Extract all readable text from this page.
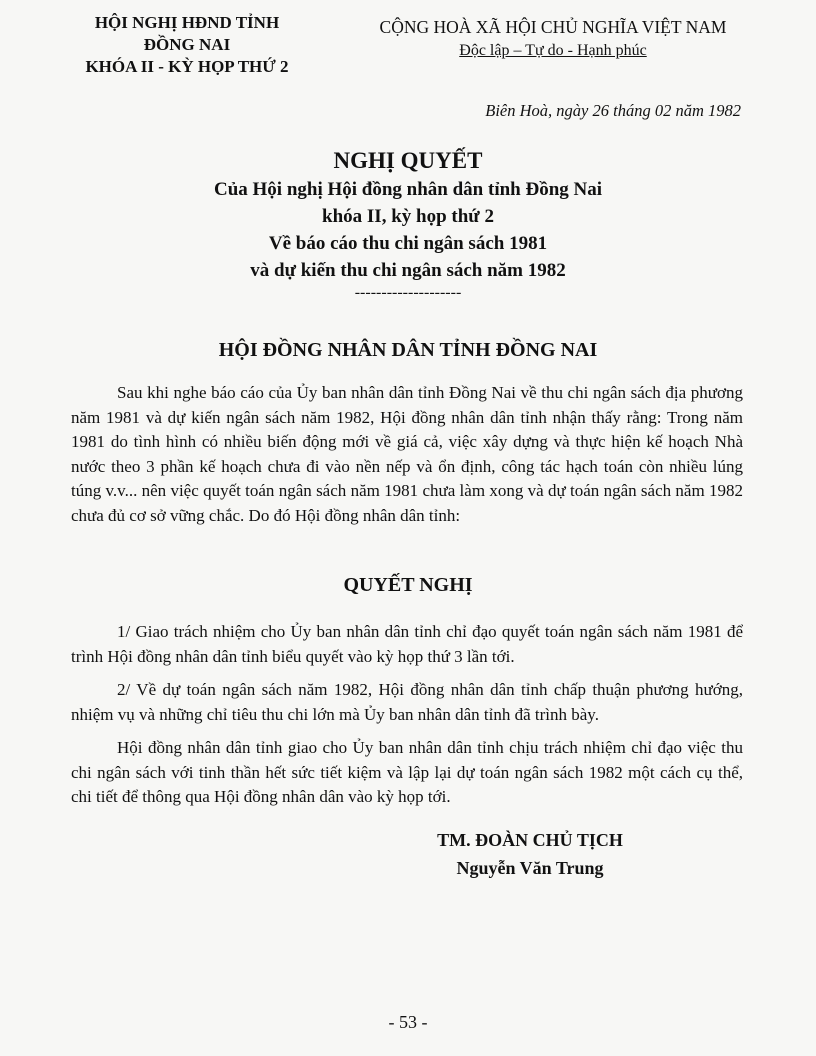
HỘI NGHỊ HĐND TỈNH
ĐỒNG NAI
KHÓA II - KỲ HỌP THỨ 2
CỘNG HOÀ XÃ HỘI CHỦ NGHĨA VIỆT NAM
Độc lập – Tự do - Hạnh phúc
Biên Hoà, ngày 26 tháng 02 năm 1982
NGHỊ QUYẾT
Của Hội nghị Hội đồng nhân dân tỉnh Đồng Nai
khóa II, kỳ họp thứ 2
Về báo cáo thu chi ngân sách 1981
và dự kiến thu chi ngân sách năm 1982
--------------------
HỘI ĐỒNG NHÂN DÂN TỈNH ĐỒNG NAI
Sau khi nghe báo cáo của Ủy ban nhân dân tỉnh Đồng Nai về thu chi ngân sách địa phương năm 1981 và dự kiến ngân sách năm 1982, Hội đồng nhân dân tỉnh nhận thấy rằng: Trong năm 1981 do tình hình có nhiều biến động mới về giá cả, việc xây dựng và thực hiện kế hoạch Nhà nước theo 3 phần kế hoạch chưa đi vào nền nếp và ổn định, công tác hạch toán còn nhiều lúng túng v.v... nên việc quyết toán ngân sách năm 1981 chưa làm xong và dự toán ngân sách năm 1982 chưa đủ cơ sở vững chắc. Do đó Hội đồng nhân dân tỉnh:
QUYẾT NGHỊ
1/ Giao trách nhiệm cho Ủy ban nhân dân tỉnh chỉ đạo quyết toán ngân sách năm 1981 để trình Hội đồng nhân dân tỉnh biểu quyết vào kỳ họp thứ 3 lần tới.
2/ Về dự toán ngân sách năm 1982, Hội đồng nhân dân tỉnh chấp thuận phương hướng, nhiệm vụ và những chỉ tiêu thu chi lớn mà Ủy ban nhân dân tỉnh đã trình bày.
Hội đồng nhân dân tỉnh giao cho Ủy ban nhân dân tỉnh chịu trách nhiệm chỉ đạo việc thu chi ngân sách với tinh thần hết sức tiết kiệm và lập lại dự toán ngân sách 1982 một cách cụ thể, chi tiết để thông qua Hội đồng nhân dân vào kỳ họp tới.
TM. ĐOÀN CHỦ TỊCH
Nguyễn Văn Trung
- 53 -
